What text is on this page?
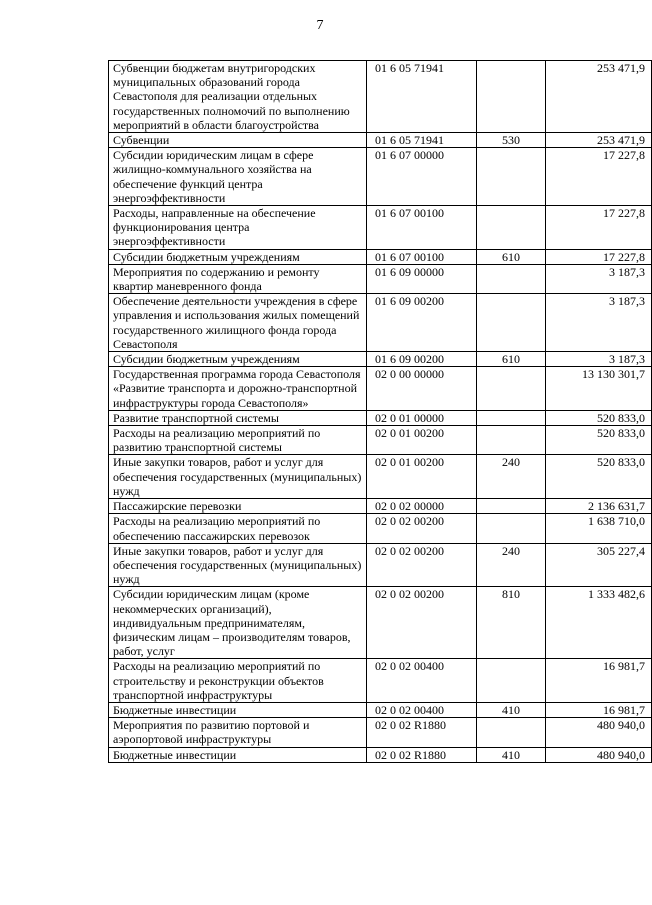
7
Субвенции бюджетам внутригородских муниципальных образований города Севастополя для реализации отдельных государственных полномочий по выполнению мероприятий в области благоустройства	01 6 05 71941		253 471,9
Субвенции	01 6 05 71941	530	253 471,9
Субсидии юридическим лицам в сфере жилищно-коммунального хозяйства на обеспечение функций центра энергоэффективности	01 6 07 00000		17 227,8
Расходы, направленные на обеспечение функционирования центра энергоэффективности	01 6 07 00100		17 227,8
Субсидии бюджетным учреждениям	01 6 07 00100	610	17 227,8
Мероприятия по содержанию и ремонту квартир маневренного фонда	01 6 09 00000		3 187,3
Обеспечение деятельности учреждения в сфере управления и использования жилых помещений государственного жилищного фонда города Севастополя	01 6 09 00200		3 187,3
Субсидии бюджетным учреждениям	01 6 09 00200	610	3 187,3
Государственная программа города Севастополя «Развитие транспорта и дорожно-транспортной инфраструктуры города Севастополя»	02 0 00 00000		13 130 301,7
Развитие транспортной системы	02 0 01 00000		520 833,0
Расходы на реализацию мероприятий по развитию транспортной системы	02 0 01 00200		520 833,0
Иные закупки товаров, работ и услуг для обеспечения государственных (муниципальных) нужд	02 0 01 00200	240	520 833,0
Пассажирские перевозки	02 0 02 00000		2 136 631,7
Расходы на реализацию мероприятий по обеспечению пассажирских перевозок	02 0 02 00200		1 638 710,0
Иные закупки товаров, работ и услуг для обеспечения государственных (муниципальных) нужд	02 0 02 00200	240	305 227,4
Субсидии юридическим лицам (кроме некоммерческих организаций), индивидуальным предпринимателям, физическим лицам – производителям товаров, работ, услуг	02 0 02 00200	810	1 333 482,6
Расходы на реализацию мероприятий по строительству и реконструкции объектов транспортной инфраструктуры	02 0 02 00400		16 981,7
Бюджетные инвестиции	02 0 02 00400	410	16 981,7
Мероприятия по развитию портовой и аэропортовой инфраструктуры	02 0 02 R1880		480 940,0
Бюджетные инвестиции	02 0 02 R1880	410	480 940,0
